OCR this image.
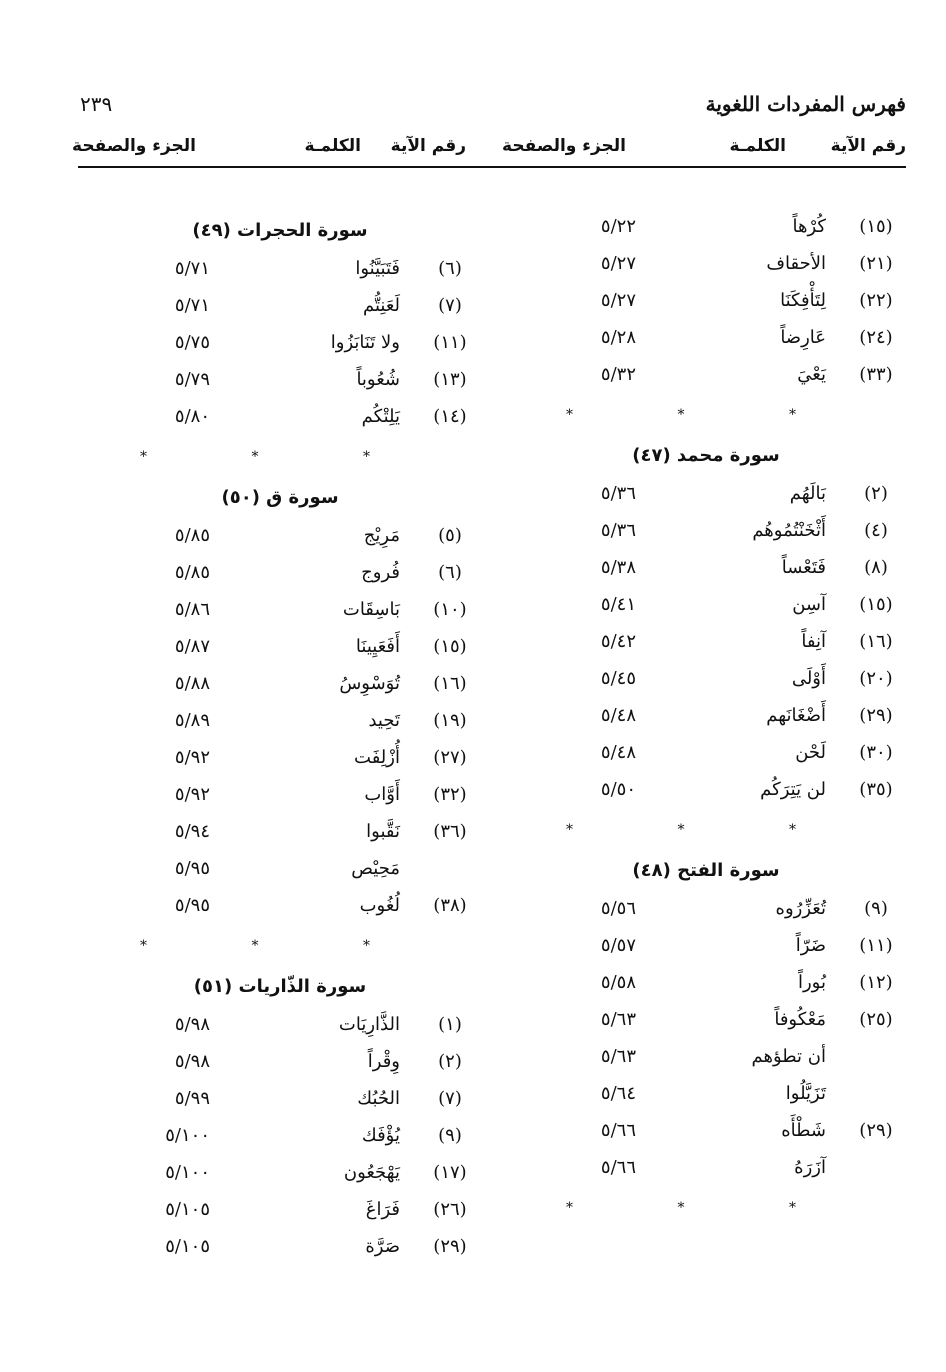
٢٣٩	فهرس المفردات اللغوية
رقم الآية
الكلمـة
الجزء والصفحة
رقم الآية
الكلمـة
الجزء والصفحة
(١٥)
كُرْهاً
٥/٢٢
(٢١)
الأحقاف
٥/٢٧
(٢٢)
لِتَأْفِكَنَا
٥/٢٧
(٢٤)
عَارِضاً
٥/٢٨
(٣٣)
يَعْيَ
٥/٣٢
* * *
سورة محمد (٤٧)
(٢)
بَالَهُم
٥/٣٦
(٤)
أَثْخَنْتُمُوهُم
٥/٣٦
(٨)
فَتَعْساً
٥/٣٨
(١٥)
آسِن
٥/٤١
(١٦)
آنِفاً
٥/٤٢
(٢٠)
أَوْلَى
٥/٤٥
(٢٩)
أَضْغَانَهم
٥/٤٨
(٣٠)
لَحْن
٥/٤٨
(٣٥)
لن يَتِرَكُم
٥/٥٠
* * *
سورة الفتح (٤٨)
(٩)
تُعَزِّرُوه
٥/٥٦
(١١)
ضَرّاً
٥/٥٧
(١٢)
بُوراً
٥/٥٨
(٢٥)
مَعْكُوفاً
٥/٦٣
أن تطؤهم
٥/٦٣
تَزَيَّلُوا
٥/٦٤
(٢٩)
شَطْأَه
٥/٦٦
آزَرَهُ
٥/٦٦
* * *
سورة الحجرات (٤٩)
(٦)
فَتَبَيَّنُوا
٥/٧١
(٧)
لَعَنِتُّم
٥/٧١
(١١)
ولا تَنَابَزُوا
٥/٧٥
(١٣)
شُعُوباً
٥/٧٩
(١٤)
يَلِتْكُم
٥/٨٠
* * *
سورة ق (٥٠)
(٥)
مَرِيْج
٥/٨٥
(٦)
فُروج
٥/٨٥
(١٠)
بَاسِقَات
٥/٨٦
(١٥)
أَفَعَيِينَا
٥/٨٧
(١٦)
تُوَسْوِسُ
٥/٨٨
(١٩)
تَحِيد
٥/٨٩
(٢٧)
أُزْلِفَت
٥/٩٢
(٣٢)
أَوَّاب
٥/٩٢
(٣٦)
نَقَّبوا
٥/٩٤
مَحِيْص
٥/٩٥
(٣٨)
لُغُوب
٥/٩٥
* * *
سورة الذّاريات (٥١)
(١)
الذَّارِيَات
٥/٩٨
(٢)
وِقْراً
٥/٩٨
(٧)
الحُبُك
٥/٩٩
(٩)
يُؤْفَك
٥/١٠٠
(١٧)
يَهْجَعُون
٥/١٠٠
(٢٦)
فَرَاغَ
٥/١٠٥
(٢٩)
صَرَّة
٥/١٠٥
